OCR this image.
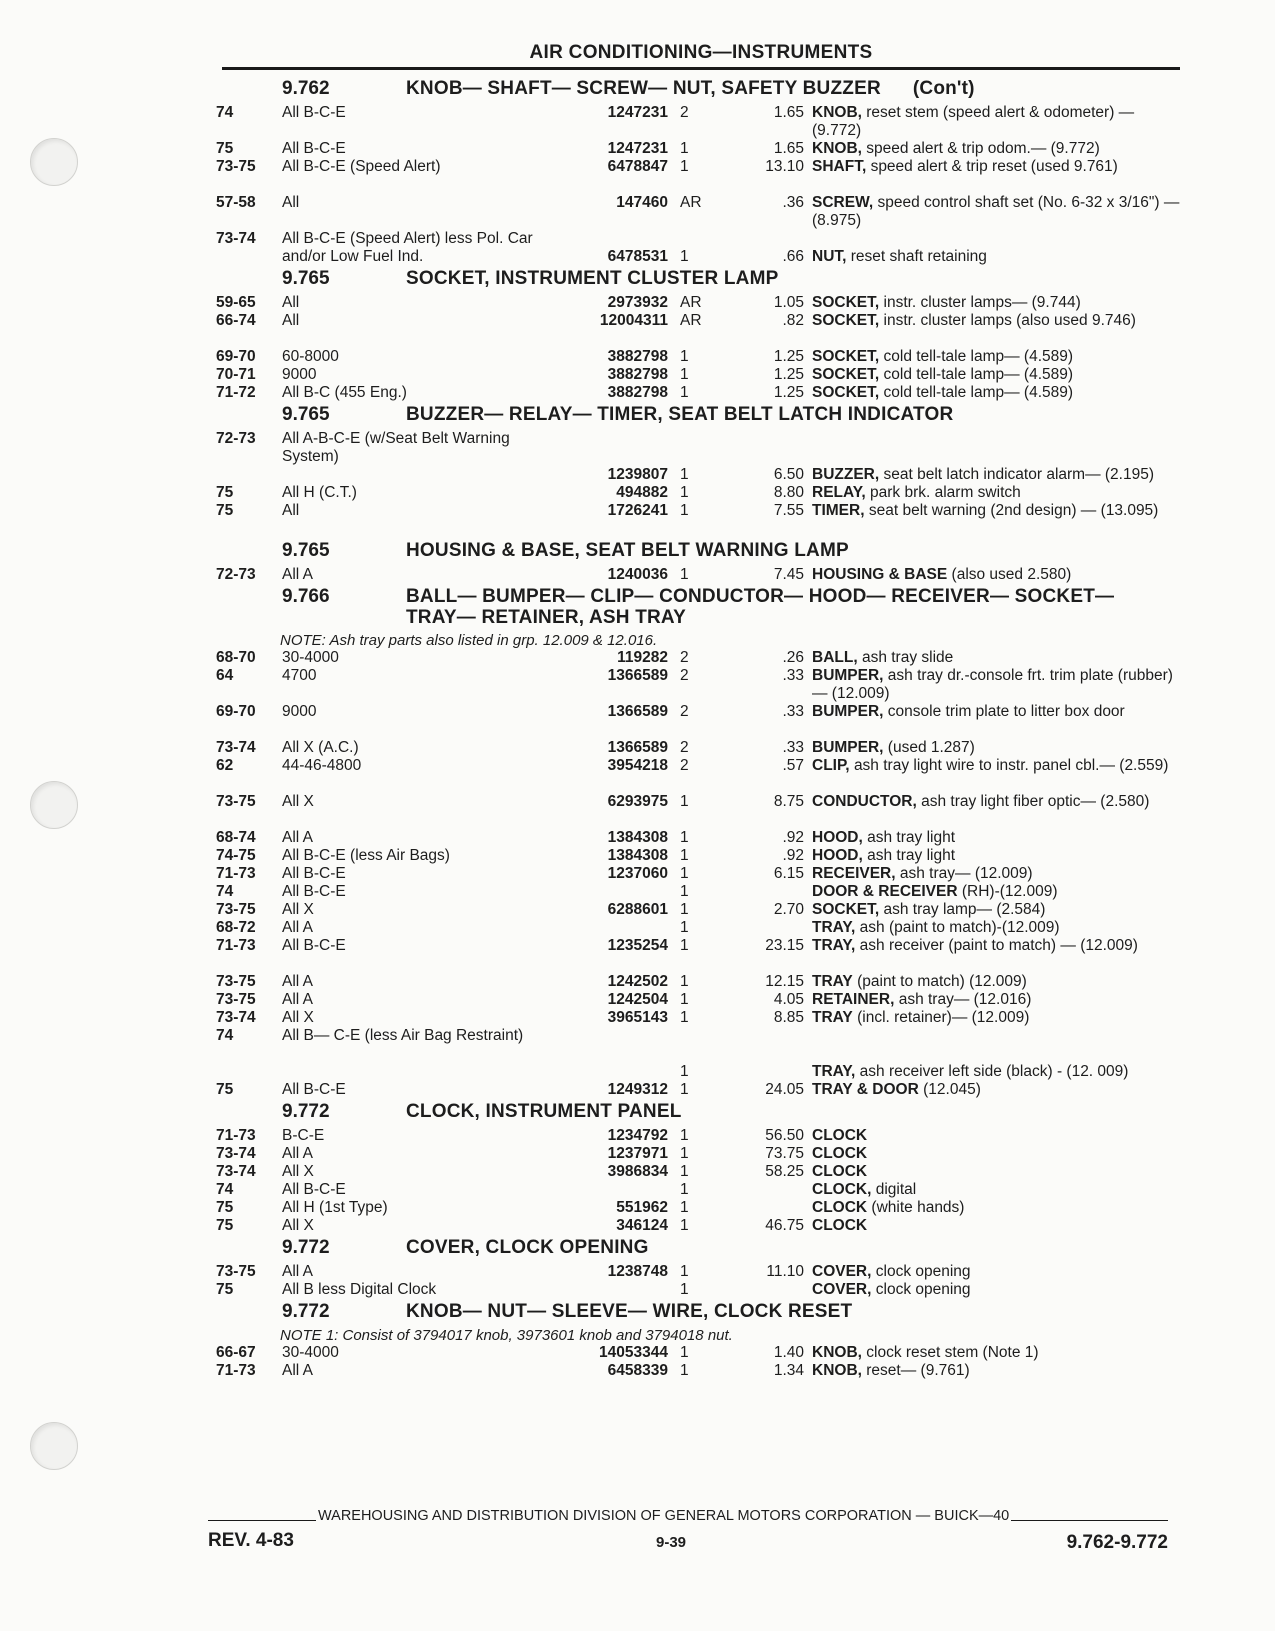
AIR CONDITIONING—INSTRUMENTS
9.762	KNOB— SHAFT— SCREW— NUT, SAFETY BUZZER (Con't)
74	All B-C-E	1247231 2	1.65 KNOB, reset stem (speed alert & odometer) — (9.772)
75	All B-C-E	1247231 1	1.65 KNOB, speed alert & trip odom.— (9.772)
73-75	All B-C-E (Speed Alert)	6478847 1	13.10 SHAFT, speed alert & trip reset (used 9.761)
57-58	All	147460 AR	.36 SCREW, speed control shaft set (No. 6-32 x 3/16") — (8.975)
73-74	All B-C-E (Speed Alert) less Pol. Car and/or Low Fuel Ind.	6478531 1	.66 NUT, reset shaft retaining
9.765	SOCKET, INSTRUMENT CLUSTER LAMP
59-65	All	2973932 AR	1.05 SOCKET, instr. cluster lamps— (9.744)
66-74	All	12004311 AR	.82 SOCKET, instr. cluster lamps (also used 9.746)
69-70	60-8000	3882798 1	1.25 SOCKET, cold tell-tale lamp— (4.589)
70-71	9000	3882798 1	1.25 SOCKET, cold tell-tale lamp— (4.589)
71-72	All B-C (455 Eng.)	3882798 1	1.25 SOCKET, cold tell-tale lamp— (4.589)
9.765	BUZZER— RELAY— TIMER, SEAT BELT LATCH INDICATOR
72-73	All A-B-C-E (w/Seat Belt Warning System)
1239807 1	6.50 BUZZER, seat belt latch indicator alarm— (2.195)
75	All H (C.T.)	494882 1	8.80 RELAY, park brk. alarm switch
75	All	1726241 1	7.55 TIMER, seat belt warning (2nd design) — (13.095)
9.765	HOUSING & BASE, SEAT BELT WARNING LAMP
72-73	All A	1240036 1	7.45 HOUSING & BASE (also used 2.580)
9.766	BALL— BUMPER— CLIP— CONDUCTOR— HOOD— RECEIVER— SOCKET— TRAY— RETAINER, ASH TRAY
NOTE: Ash tray parts also listed in grp. 12.009 & 12.016.
68-70	30-4000	119282 2	.26 BALL, ash tray slide
64	4700	1366589 2	.33 BUMPER, ash tray dr.-console frt. trim plate (rubber) — (12.009)
69-70	9000	1366589 2	.33 BUMPER, console trim plate to litter box door
73-74	All X (A.C.)	1366589 2	.33 BUMPER, (used 1.287)
62	44-46-4800	3954218 2	.57 CLIP, ash tray light wire to instr. panel cbl.— (2.559)
73-75	All X	6293975 1	8.75 CONDUCTOR, ash tray light fiber optic— (2.580)
68-74	All A	1384308 1	.92 HOOD, ash tray light
74-75	All B-C-E (less Air Bags)	1384308 1	.92 HOOD, ash tray light
71-73	All B-C-E	1237060 1	6.15 RECEIVER, ash tray— (12.009)
74	All B-C-E	1	DOOR & RECEIVER (RH)-(12.009)
73-75	All X	6288601 1	2.70 SOCKET, ash tray lamp— (2.584)
68-72	All A	1	TRAY, ash (paint to match)-(12.009)
71-73	All B-C-E	1235254 1	23.15 TRAY, ash receiver (paint to match) — (12.009)
73-75	All A	1242502 1	12.15 TRAY (paint to match) (12.009)
73-75	All A	1242504 1	4.05 RETAINER, ash tray— (12.016)
73-74	All X	3965143 1	8.85 TRAY (incl. retainer)— (12.009)
74	All B— C-E (less Air Bag Restraint)
1	TRAY, ash receiver left side (black) - (12. 009)
75	All B-C-E	1249312 1	24.05 TRAY & DOOR (12.045)
9.772	CLOCK, INSTRUMENT PANEL
71-73	B-C-E	1234792 1	56.50 CLOCK
73-74	All A	1237971 1	73.75 CLOCK
73-74	All X	3986834 1	58.25 CLOCK
74	All B-C-E	1	CLOCK, digital
75	All H (1st Type)	551962 1	CLOCK (white hands)
75	All X	346124 1	46.75 CLOCK
9.772	COVER, CLOCK OPENING
73-75	All A	1238748 1	11.10 COVER, clock opening
75	All B less Digital Clock	1	COVER, clock opening
9.772	KNOB— NUT— SLEEVE— WIRE, CLOCK RESET
NOTE 1: Consist of 3794017 knob, 3973601 knob and 3794018 nut.
66-67	30-4000	14053344 1	1.40 KNOB, clock reset stem (Note 1)
71-73	All A	6458339 1	1.34 KNOB, reset— (9.761)
WAREHOUSING AND DISTRIBUTION DIVISION OF GENERAL MOTORS CORPORATION — BUICK—40
REV. 4-83	9-39	9.762-9.772
